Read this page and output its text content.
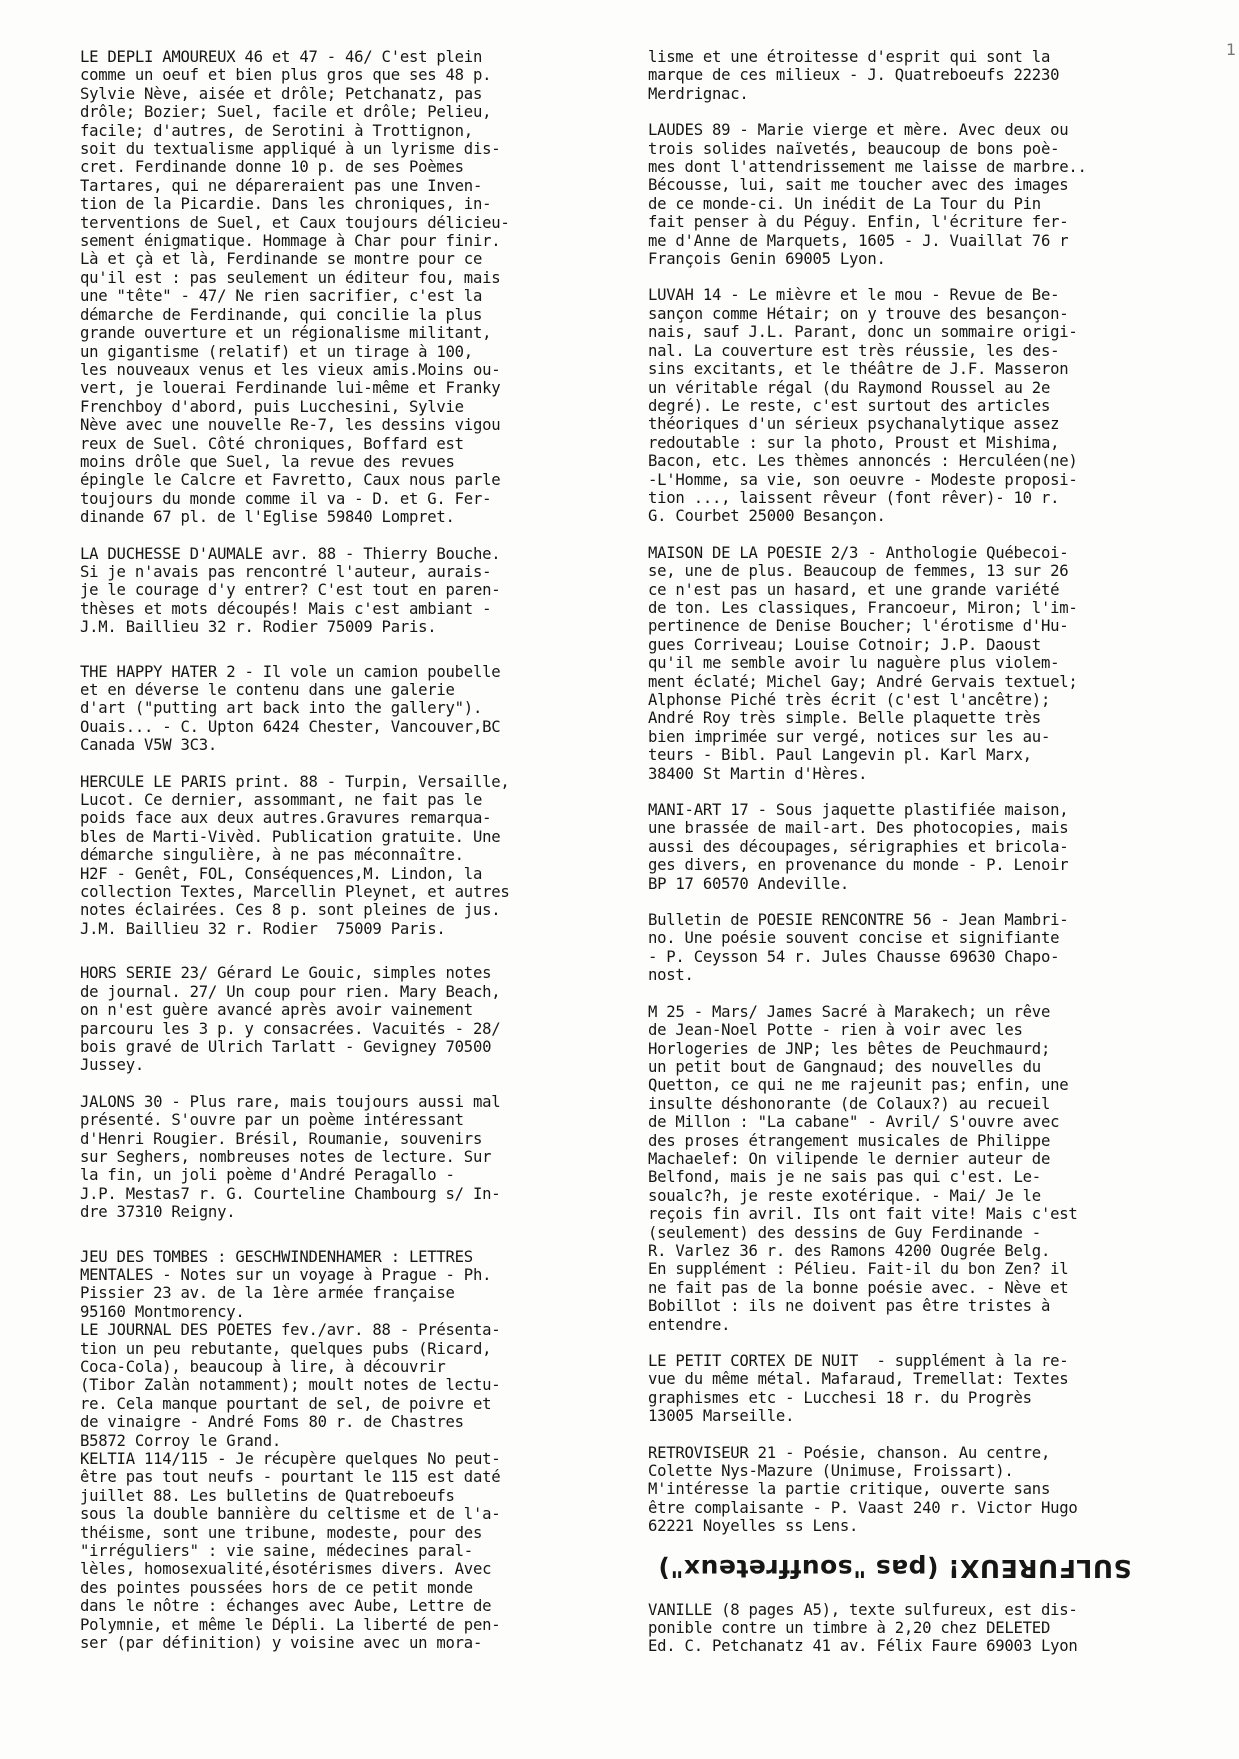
LE DEPLI AMOUREUX 46 et 47 - 46/ C'est plein
comme un oeuf et bien plus gros que ses 48 p.
Sylvie Nève, aisée et drôle; Petchanatz, pas
drôle; Bozier; Suel, facile et drôle; Pelieu,
facile; d'autres, de Serotini à Trottignon,
soit du textualisme appliqué à un lyrisme dis-
cret. Ferdinande donne 10 p. de ses Poèmes
Tartares, qui ne dépareraient pas une Inven-
tion de la Picardie. Dans les chroniques, in-
terventions de Suel, et Caux toujours délicieu-
sement énigmatique. Hommage à Char pour finir.
Là et çà et là, Ferdinande se montre pour ce
qu'il est : pas seulement un éditeur fou, mais
une "tête" - 47/ Ne rien sacrifier, c'est la
démarche de Ferdinande, qui concilie la plus
grande ouverture et un régionalisme militant,
un gigantisme (relatif) et un tirage à 100,
les nouveaux venus et les vieux amis.Moins ou-
vert, je louerai Ferdinande lui-même et Franky
Frenchboy d'abord, puis Lucchesini, Sylvie
Nève avec une nouvelle Re-7, les dessins vigou
reux de Suel. Côté chroniques, Boffard est
moins drôle que Suel, la revue des revues
épingle le Calcre et Favretto, Caux nous parle
toujours du monde comme il va - D. et G. Fer-
dinande 67 pl. de l'Eglise 59840 Lompret.

LA DUCHESSE D'AUMALE avr. 88 - Thierry Bouche.
Si je n'avais pas rencontré l'auteur, aurais-
je le courage d'y entrer? C'est tout en paren-
thèses et mots découpés! Mais c'est ambiant -
J.M. Baillieu 32 r. Rodier 75009 Paris.

THE HAPPY HATER 2 - Il vole un camion poubelle
et en déverse le contenu dans une galerie
d'art ("putting art back into the gallery").
Ouais... - C. Upton 6424 Chester, Vancouver,BC
Canada V5W 3C3.

HERCULE LE PARIS print. 88 - Turpin, Versaille,
Lucot. Ce dernier, assommant, ne fait pas le
poids face aux deux autres.Gravures remarqua-
bles de Marti-Vivèd. Publication gratuite. Une
démarche singulière, à ne pas méconnaître.
H2F - Genêt, FOL, Conséquences,M. Lindon, la
collection Textes, Marcellin Pleynet, et autres
notes éclairées. Ces 8 p. sont pleines de jus.
J.M. Baillieu 32 r. Rodier  75009 Paris.

HORS SERIE 23/ Gérard Le Gouic, simples notes
de journal. 27/ Un coup pour rien. Mary Beach,
on n'est guère avancé après avoir vainement
parcouru les 3 p. y consacrées. Vacuités - 28/
bois gravé de Ulrich Tarlatt - Gevigney 70500
Jussey.

JALONS 30 - Plus rare, mais toujours aussi mal
présenté. S'ouvre par un poème intéressant
d'Henri Rougier. Brésil, Roumanie, souvenirs
sur Seghers, nombreuses notes de lecture. Sur
la fin, un joli poème d'André Peragallo -
J.P. Mestas7 r. G. Courteline Chambourg s/ In-
dre 37310 Reigny.

JEU DES TOMBES : GESCHWINDENHAMER : LETTRES
MENTALES - Notes sur un voyage à Prague - Ph.
Pissier 23 av. de la 1ère armée française
95160 Montmorency.

LE JOURNAL DES POETES fev./avr. 88 - Présenta-
tion un peu rebutante, quelques pubs (Ricard,
Coca-Cola), beaucoup à lire, à découvrir
(Tibor Zalàn notamment); moult notes de lectu-
re. Cela manque pourtant de sel, de poivre et
de vinaigre - André Foms 80 r. de Chastres
B5872 Corroy le Grand.

KELTIA 114/115 - Je récupère quelques No peut-
être pas tout neufs - pourtant le 115 est daté
juillet 88. Les bulletins de Quatreboeufs
sous la double bannière du celtisme et de l'a-
théisme, sont une tribune, modeste, pour des
"irréguliers" : vie saine, médecines paral-
lèles, homosexualité,ésotérismes divers. Avec
des pointes poussées hors de ce petit monde
dans le nôtre : échanges avec Aube, Lettre de
Polymnie, et même le Dépli. La liberté de pen-
ser (par définition) y voisine avec un mora-

lisme et une étroitesse d'esprit qui sont la
marque de ces milieux - J. Quatreboeufs 22230
Merdrignac.

LAUDES 89 - Marie vierge et mère. Avec deux ou
trois solides naïvetés, beaucoup de bons poè-
mes dont l'attendrissement me laisse de marbre..
Bécousse, lui, sait me toucher avec des images
de ce monde-ci. Un inédit de La Tour du Pin
fait penser à du Péguy. Enfin, l'écriture fer-
me d'Anne de Marquets, 1605 - J. Vuaillat 76 r
François Genin 69005 Lyon.

LUVAH 14 - Le mièvre et le mou - Revue de Be-
sançon comme Hétair; on y trouve des besançon-
nais, sauf J.L. Parant, donc un sommaire origi-
nal. La couverture est très réussie, les des-
sins excitants, et le théâtre de J.F. Masseron
un véritable régal (du Raymond Roussel au 2e
degré). Le reste, c'est surtout des articles
théoriques d'un sérieux psychanalytique assez
redoutable : sur la photo, Proust et Mishima,
Bacon, etc. Les thèmes annoncés : Herculéen(ne)
-L'Homme, sa vie, son oeuvre - Modeste proposi-
tion ..., laissent rêveur (font rêver)- 10 r.
G. Courbet 25000 Besançon.

MAISON DE LA POESIE 2/3 - Anthologie Québecoi-
se, une de plus. Beaucoup de femmes, 13 sur 26
ce n'est pas un hasard, et une grande variété
de ton. Les classiques, Francoeur, Miron; l'im-
pertinence de Denise Boucher; l'érotisme d'Hu-
gues Corriveau; Louise Cotnoir; J.P. Daoust
qu'il me semble avoir lu naguère plus violem-
ment éclaté; Michel Gay; André Gervais textuel;
Alphonse Piché très écrit (c'est l'ancêtre);
André Roy très simple. Belle plaquette très
bien imprimée sur vergé, notices sur les au-
teurs - Bibl. Paul Langevin pl. Karl Marx,
38400 St Martin d'Hères.

MANI-ART 17 - Sous jaquette plastifiée maison,
une brassée de mail-art. Des photocopies, mais
aussi des découpages, sérigraphies et bricola-
ges divers, en provenance du monde - P. Lenoir
BP 17 60570 Andeville.

Bulletin de POESIE RENCONTRE 56 - Jean Mambri-
no. Une poésie souvent concise et signifiante
- P. Ceysson 54 r. Jules Chausse 69630 Chapo-
nost.

M 25 - Mars/ James Sacré à Marakech; un rêve
de Jean-Noel Potte - rien à voir avec les
Horlogeries de JNP; les bêtes de Peuchmaurd;
un petit bout de Gangnaud; des nouvelles du
Quetton, ce qui ne me rajeunit pas; enfin, une
insulte déshonorante (de Colaux?) au recueil
de Millon : "La cabane" - Avril/ S'ouvre avec
des proses étrangement musicales de Philippe
Machaelef: On vilipende le dernier auteur de
Belfond, mais je ne sais pas qui c'est. Le-
soualc?h, je reste exotérique. - Mai/ Je le
reçois fin avril. Ils ont fait vite! Mais c'est
(seulement) des dessins de Guy Ferdinande -
R. Varlez 36 r. des Ramons 4200 Ougrée Belg.
En supplément : Pélieu. Fait-il du bon Zen? il
ne fait pas de la bonne poésie avec. - Nève et
Bobillot : ils ne doivent pas être tristes à
entendre.

LE PETIT CORTEX DE NUIT  - supplément à la re-
vue du même métal. Mafaraud, Tremellat: Textes
graphismes etc - Lucchesi 18 r. du Progrès
13005 Marseille.

RETROVISEUR 21 - Poésie, chanson. Au centre,
Colette Nys-Mazure (Unimuse, Froissart).
M'intéresse la partie critique, ouverte sans
être complaisante - P. Vaast 240 r. Victor Hugo
62221 Noyelles ss Lens.

SULFUREUX! (pas "souffreteux")

VANILLE (8 pages A5), texte sulfureux, est dis-
ponible contre un timbre à 2,20 chez DELETED
Ed. C. Petchanatz 41 av. Félix Faure 69003 Lyon

1
